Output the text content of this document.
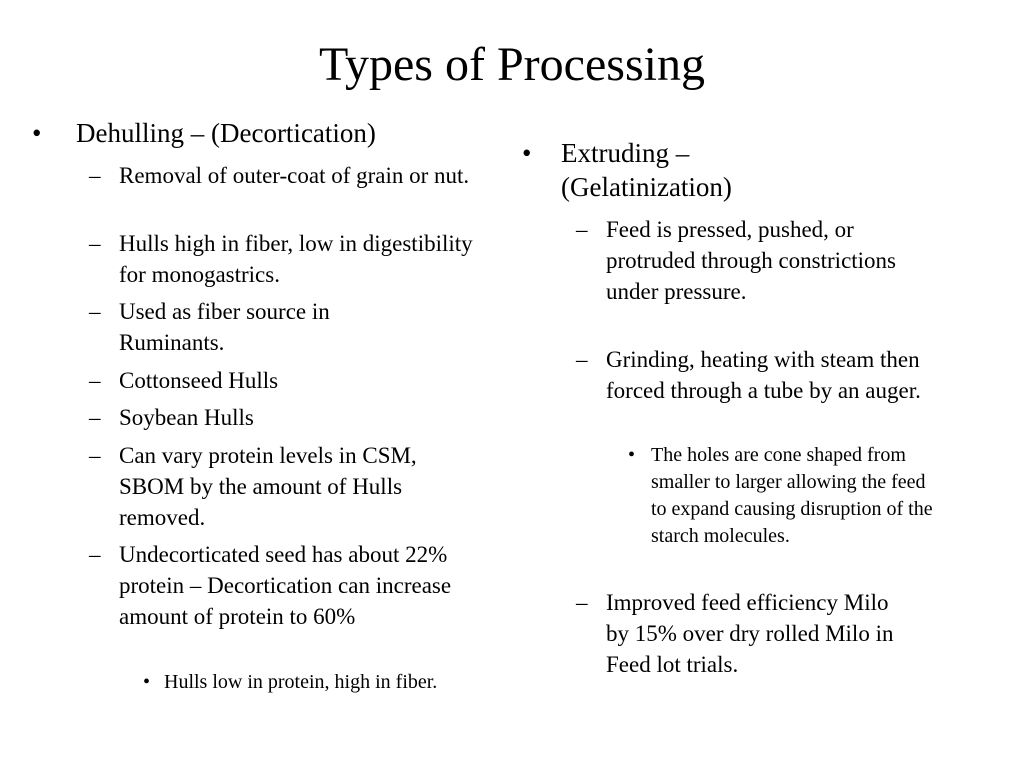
Types of Processing
• Dehulling – (Decortication)
– Removal of outer-coat of grain or nut.
– Hulls high in fiber, low in digestibility for monogastrics.
– Used as fiber source in Ruminants.
– Cottonseed Hulls
– Soybean Hulls
– Can vary protein levels in CSM, SBOM by the amount of Hulls removed.
– Undecorticated seed has about 22% protein – Decortication can increase amount of protein to 60%
• Hulls low in protein, high in fiber.
• Extruding – (Gelatinization)
– Feed is pressed, pushed, or protruded through constrictions under pressure.
– Grinding, heating with steam then forced through a tube by an auger.
• The holes are cone shaped from smaller to larger allowing the feed to expand causing disruption of the starch molecules.
– Improved feed efficiency Milo by 15% over dry rolled Milo in Feed lot trials.
